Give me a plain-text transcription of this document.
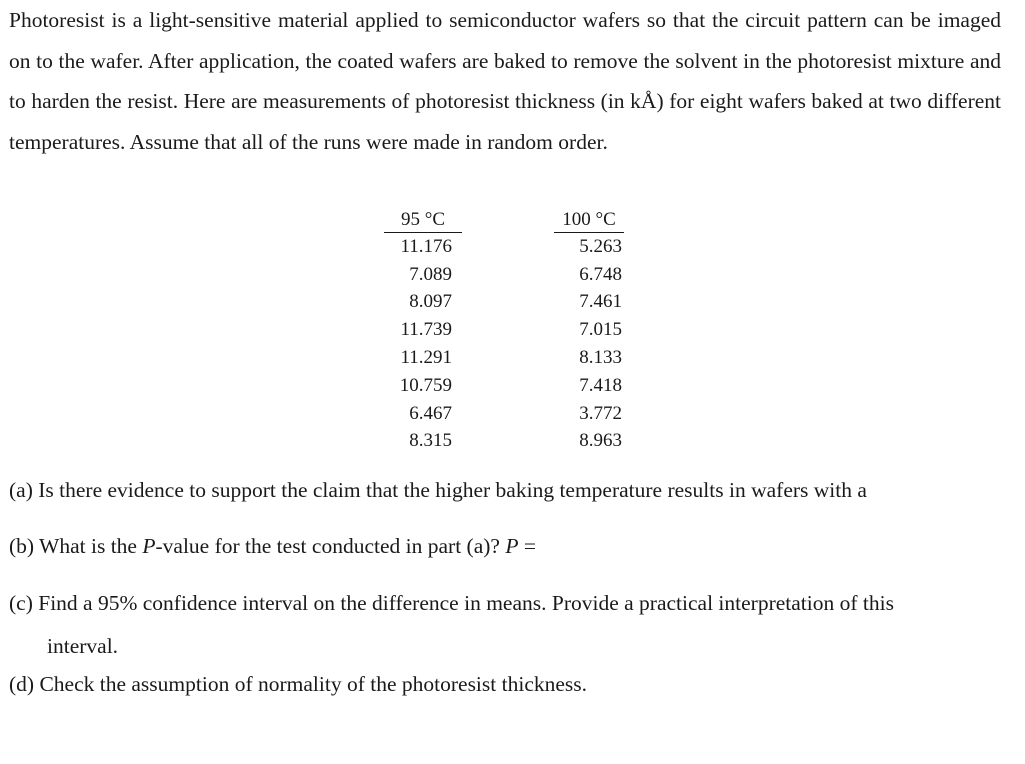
Photoresist is a light-sensitive material applied to semiconductor wafers so that the circuit pattern can be imaged on to the wafer. After application, the coated wafers are baked to remove the solvent in the photoresist mixture and to harden the resist. Here are measurements of photoresist thickness (in kÅ) for eight wafers baked at two different temperatures. Assume that all of the runs were made in random order.
95 °C		100 °C
11.176		5.263
7.089		6.748
8.097		7.461
11.739		7.015
11.291		8.133
10.759		7.418
6.467		3.772
8.315		8.963
(a) Is there evidence to support the claim that the higher baking temperature results in wafers with a
(b) What is the P-value for the test conducted in part (a)? P =
(c) Find a 95% confidence interval on the difference in means. Provide a practical interpretation of this
interval.
(d) Check the assumption of normality of the photoresist thickness.
